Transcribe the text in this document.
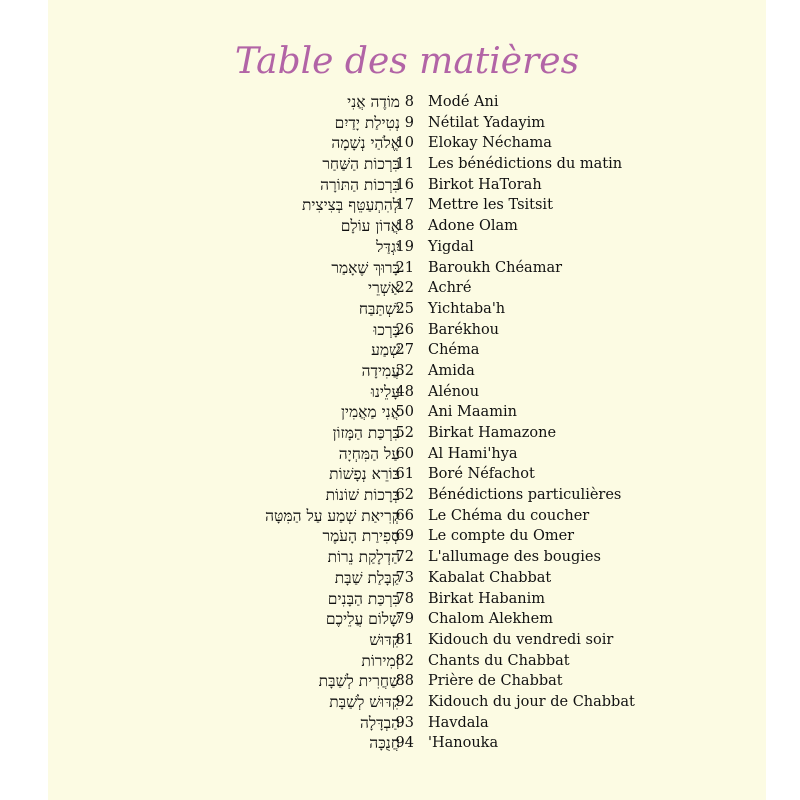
Table des matières
מוֹדֶה אֲנִי 8 Modé Ani
נְטִילַת יָדַיִם 9 Nétilat Yadayim
אֱלֹהַי נְשָׁמָה
10 Elokay Néchama
בִּרְכוֹת הַשַּׁחַר
11 Les bénédictions du matin
בִּרְכוֹת הַתּוֹרָה
16 Birkot HaTorah
לְהִתְעַטֵּף בְּצִיצִית
17 Mettre les Tsitsit
אֲדוֹן עוֹלָם
18 Adone Olam
יִגְדַּל
19 Yigdal
בָּרוּךְ שֶׁאָמַר
21 Baroukh Chéamar
אַשְׁרֵי
22 Achré
יִשְׁתַּבַּח
25 Yichtaba'h
בָּרְכוּ
26 Barékhou
שְׁמַע
27 Chéma
עֲמִידָה
32 Amida
עָלֵינוּ
48 Alénou
אֲנִי מַאֲמִין
50 Ani Maamin
בִּרְכַּת הַמָּזוֹן
52 Birkat Hamazone
עַל הַמִּחְיָה
60 Al Hami'hya
בּוֹרֵא נְפָשׁוֹת
61 Boré Néfachot
בְּרָכוֹת שׁוֹנוֹת
62 Bénédictions particulières
קְרִיאַת שְׁמַע עַל הַמִּטָּה
66 Le Chéma du coucher
סְפִירַת הָעֹמֶר
69 Le compte du Omer
הַדְלָקַת נֵרוֹת
72 L'allumage des bougies
קַבָּלַת שַׁבָּת
73 Kabalat Chabbat
בִּרְכַּת הַבָּנִים
78 Birkat Habanim
שָׁלוֹם עֲלֵיכֶם
79 Chalom Alekhem
קִדּוּשׁ
81 Kidouch du vendredi soir
זְמִירוֹת
82 Chants du Chabbat
שַׁחֲרִית לְשַׁבָּת
88 Prière de Chabbat
קִדּוּשׁ לְשַׁבָּת
92 Kidouch du jour de Chabbat
הַבְדָּלָה
93 Havdala
חֲנֻכָּה
94 'Hanouka
